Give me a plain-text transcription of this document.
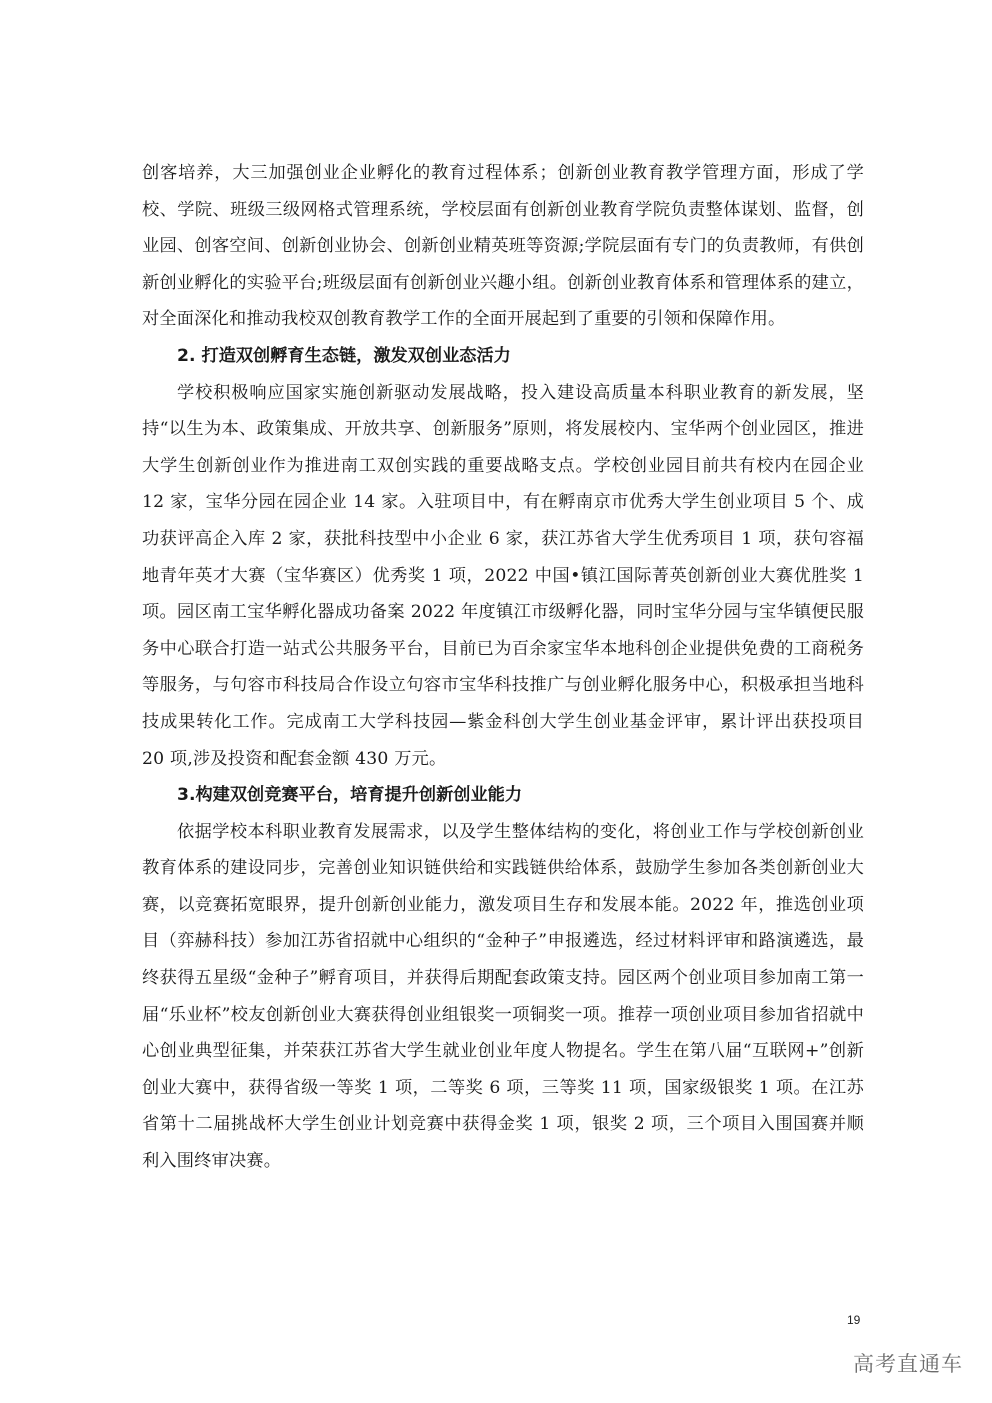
创客培养，大三加强创业企业孵化的教育过程体系；创新创业教育教学管理方面，形成了学校、学院、班级三级网格式管理系统，学校层面有创新创业教育学院负责整体谋划、监督，创业园、创客空间、创新创业协会、创新创业精英班等资源;学院层面有专门的负责教师，有供创新创业孵化的实验平台;班级层面有创新创业兴趣小组。创新创业教育体系和管理体系的建立，对全面深化和推动我校双创教育教学工作的全面开展起到了重要的引领和保障作用。

2. 打造双创孵育生态链，激发双创业态活力

学校积极响应国家实施创新驱动发展战略，投入建设高质量本科职业教育的新发展，坚持“以生为本、政策集成、开放共享、创新服务”原则，将发展校内、宝华两个创业园区，推进大学生创新创业作为推进南工双创实践的重要战略支点。学校创业园目前共有校内在园企业 12 家，宝华分园在园企业 14 家。入驻项目中，有在孵南京市优秀大学生创业项目 5 个、成功获评高企入库 2 家，获批科技型中小企业 6 家，获江苏省大学生优秀项目 1 项，获句容福地青年英才大赛（宝华赛区）优秀奖 1 项，2022 中国•镇江国际菁英创新创业大赛优胜奖 1 项。园区南工宝华孵化器成功备案 2022 年度镇江市级孵化器，同时宝华分园与宝华镇便民服务中心联合打造一站式公共服务平台，目前已为百余家宝华本地科创企业提供免费的工商税务等服务，与句容市科技局合作设立句容市宝华科技推广与创业孵化服务中心，积极承担当地科技成果转化工作。完成南工大学科技园—紫金科创大学生创业基金评审，累计评出获投项目 20 项,涉及投资和配套金额 430 万元。

3.构建双创竞赛平台，培育提升创新创业能力

依据学校本科职业教育发展需求，以及学生整体结构的变化，将创业工作与学校创新创业教育体系的建设同步，完善创业知识链供给和实践链供给体系，鼓励学生参加各类创新创业大赛，以竞赛拓宽眼界，提升创新创业能力，激发项目生存和发展本能。2022 年，推选创业项目（弈赫科技）参加江苏省招就中心组织的“金种子”申报遴选，经过材料评审和路演遴选，最终获得五星级“金种子”孵育项目，并获得后期配套政策支持。园区两个创业项目参加南工第一届“乐业杯”校友创新创业大赛获得创业组银奖一项铜奖一项。推荐一项创业项目参加省招就中心创业典型征集，并荣获江苏省大学生就业创业年度人物提名。学生在第八届“互联网+”创新创业大赛中，获得省级一等奖 1 项，二等奖 6 项，三等奖 11 项，国家级银奖 1 项。在江苏省第十二届挑战杯大学生创业计划竞赛中获得金奖 1 项，银奖 2 项，三个项目入围国赛并顺利入围终审决赛。

19
高考直通车
